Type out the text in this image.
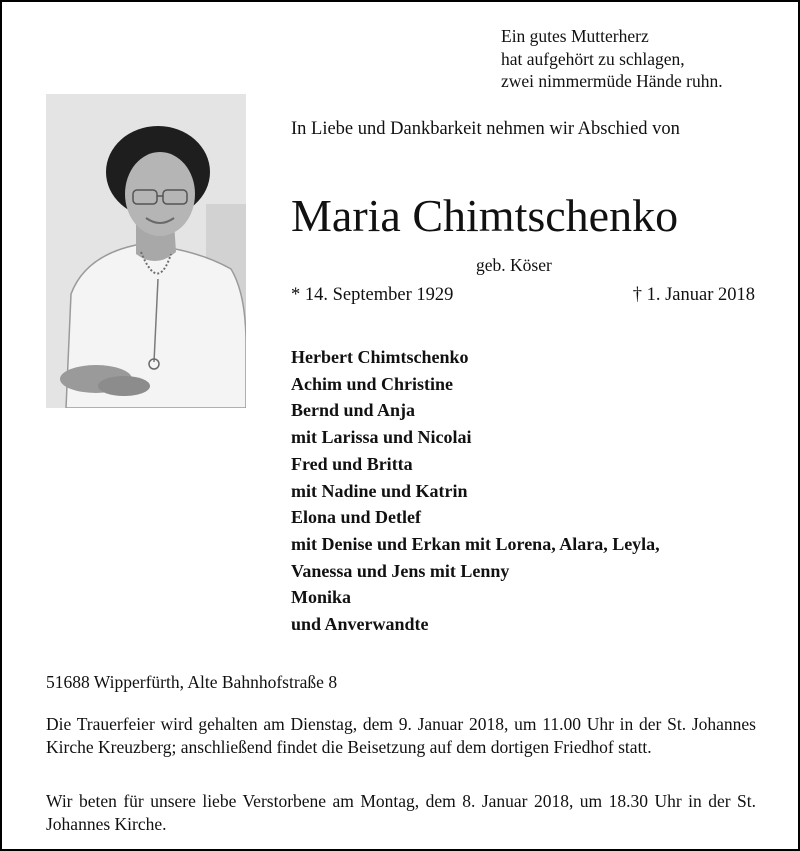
Ein gutes Mutterherz
hat aufgehört zu schlagen,
zwei nimmermüde Hände ruhn.
In Liebe und Dankbarkeit nehmen wir Abschied von
Maria Chimtschenko
geb. Köser
* 14. September 1929	† 1. Januar 2018
Herbert Chimtschenko
Achim und Christine
Bernd und Anja
mit Larissa und Nicolai
Fred und Britta
mit Nadine und Katrin
Elona und Detlef
mit Denise und Erkan mit Lorena, Alara, Leyla,
Vanessa und Jens mit Lenny
Monika
und Anverwandte
51688 Wipperfürth, Alte Bahnhofstraße 8
Die Trauerfeier wird gehalten am Dienstag, dem 9. Januar 2018, um 11.00 Uhr in der St. Johannes Kirche Kreuzberg; anschließend findet die Beisetzung auf dem dortigen Friedhof statt.
Wir beten für unsere liebe Verstorbene am Montag, dem 8. Januar 2018, um 18.30 Uhr in der St. Johannes Kirche.
